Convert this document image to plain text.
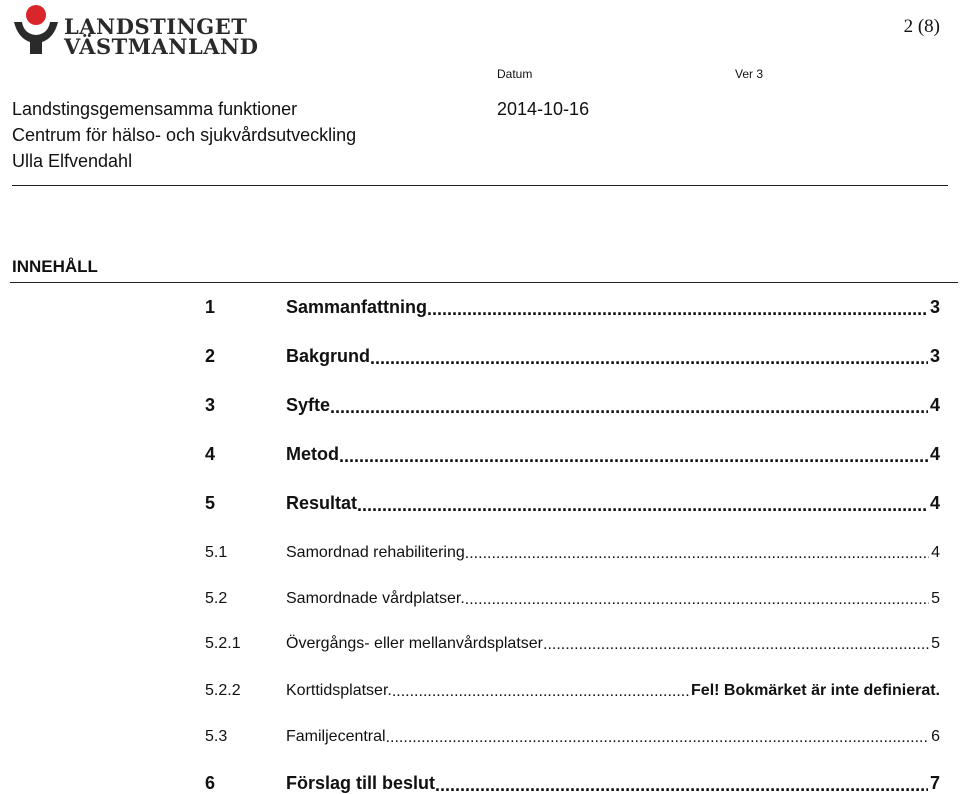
LANDSTINGET
VÄSTMANLAND
2 (8)
Datum	Ver 3
Landstingsgemensamma funktioner
Centrum för hälso- och sjukvårdsutveckling
Ulla Elfvendahl
2014-10-16
INNEHÅLL
1	Sammanfattning .....	3
2	Bakgrund .....	3
3	Syfte .....	4
4	Metod .....	4
5	Resultat .....	4
5.1	Samordnad rehabilitering .....	4
5.2	Samordnade vårdplatser. .....	5
5.2.1	Övergångs- eller mellanvårdsplatser .....	5
5.2.2	Korttidsplatser. .....	Fel! Bokmärket är inte definierat.
5.3	Familjecentral .....	6
6	Förslag till beslut .....	7
